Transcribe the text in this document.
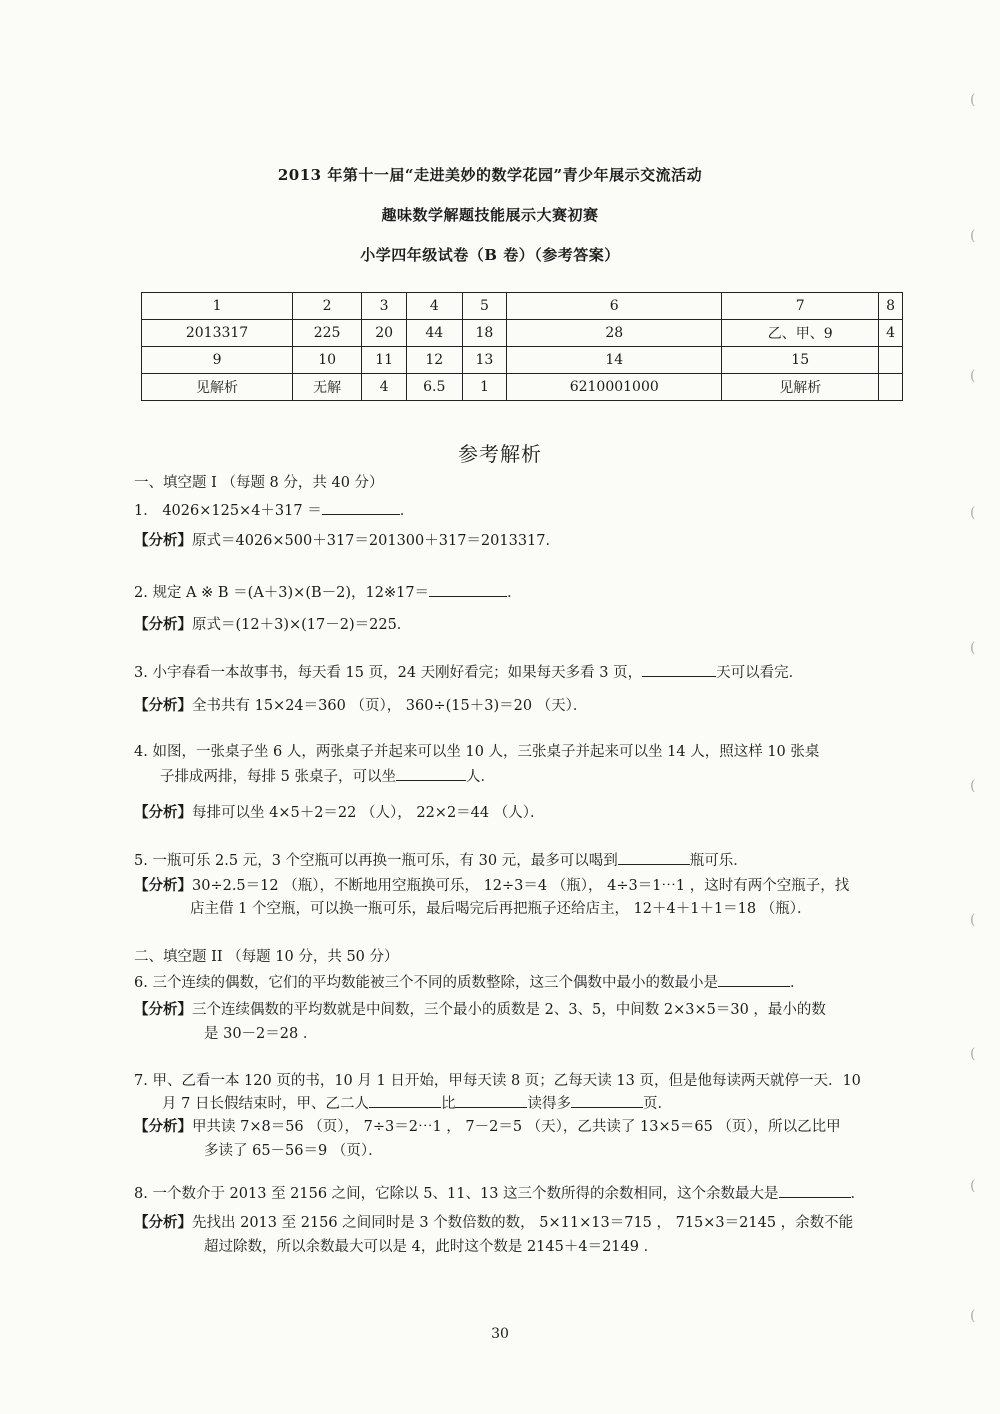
2013 年第十一届“走进美妙的数学花园”青少年展示交流活动
趣味数学解题技能展示大赛初赛
小学四年级试卷（B 卷）（参考答案）
1	2	3	4	5	6	7	8
2013317	225	20	44	18	28	乙、甲、9	4
9	10	11	12	13	14	15	
见解析	无解	4	6.5	1	6210001000	见解析	
参考解析
一、填空题 I （每题 8 分，共 40 分）
1． 4026×125×4＋317 ＝	．
【分析】原式＝4026×500＋317＝201300＋317＝2013317．
2. 规定 A ※ B ＝(A＋3)×(B－2)，12※17＝	．
【分析】原式＝(12＋3)×(17－2)＝225．
3. 小宇春看一本故事书，每天看 15 页，24 天刚好看完；如果每天多看 3 页，	天可以看完．
【分析】全书共有 15×24＝360 （页）， 360÷(15＋3)＝20 （天）．
4. 如图，一张桌子坐 6 人，两张桌子并起来可以坐 10 人，三张桌子并起来可以坐 14 人，照这样 10 张桌
子排成两排，每排 5 张桌子，可以坐	人．
【分析】每排可以坐 4×5＋2＝22 （人）， 22×2＝44 （人）．
5. 一瓶可乐 2.5 元，3 个空瓶可以再换一瓶可乐，有 30 元，最多可以喝到	瓶可乐．
【分析】30÷2.5＝12 （瓶），不断地用空瓶换可乐， 12÷3＝4 （瓶）， 4÷3＝1⋯1 ，这时有两个空瓶子，找
店主借 1 个空瓶，可以换一瓶可乐，最后喝完后再把瓶子还给店主， 12＋4＋1＋1＝18 （瓶）．
二、填空题 II （每题 10 分，共 50 分）
6. 三个连续的偶数，它们的平均数能被三个不同的质数整除，这三个偶数中最小的数最小是	．
【分析】三个连续偶数的平均数就是中间数，三个最小的质数是 2、3、5，中间数 2×3×5＝30 ，最小的数
是 30－2＝28 ．
7. 甲、乙看一本 120 页的书，10 月 1 日开始，甲每天读 8 页；乙每天读 13 页，但是他每读两天就停一天．10
月 7 日长假结束时，甲、乙二人	比	读得多	页．
【分析】甲共读 7×8＝56 （页）， 7÷3＝2⋯1 ， 7－2＝5 （天），乙共读了 13×5＝65 （页），所以乙比甲
多读了 65－56＝9 （页）．
8. 一个数介于 2013 至 2156 之间，它除以 5、11、13 这三个数所得的余数相同，这个余数最大是	．
【分析】先找出 2013 至 2156 之间同时是 3 个数倍数的数， 5×11×13＝715 ， 715×3＝2145 ，余数不能
超过除数，所以余数最大可以是 4，此时这个数是 2145＋4＝2149 ．
30
(
(
(
(
(
(
(
(
(
(
